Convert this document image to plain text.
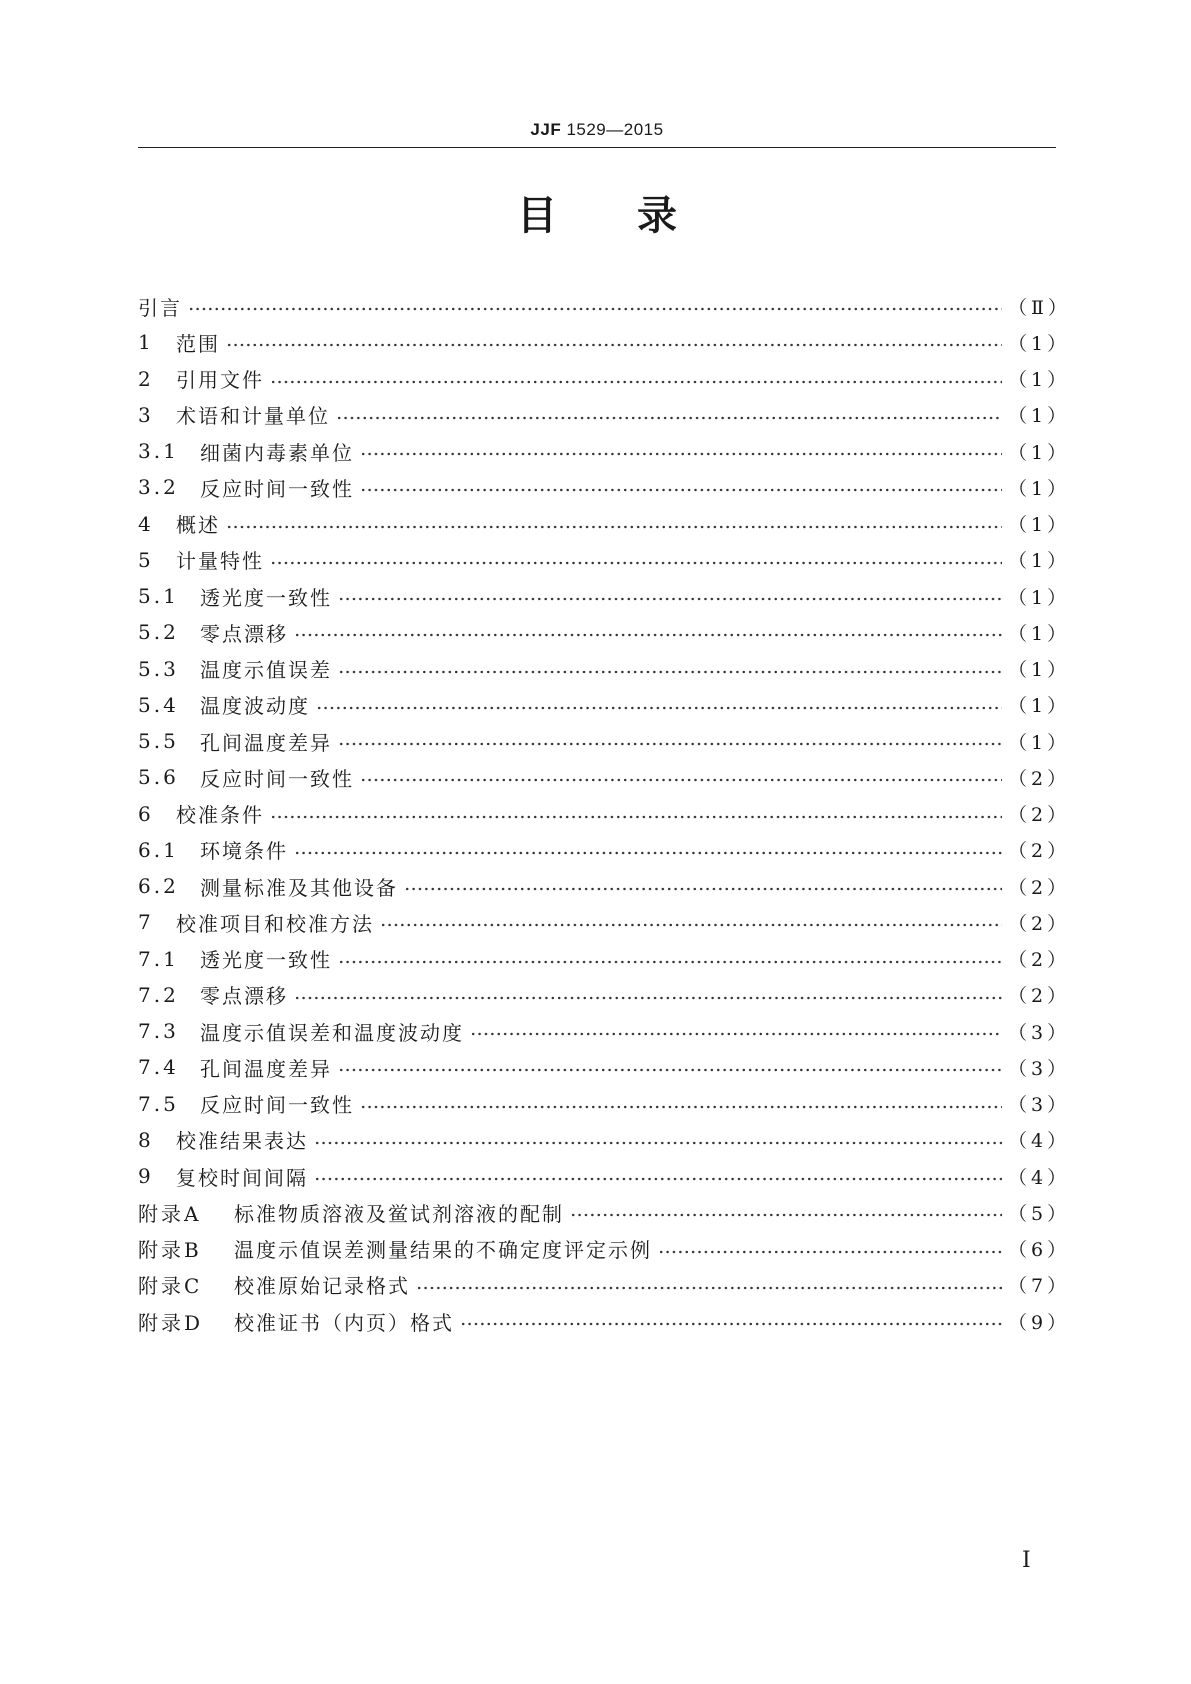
JJF 1529—2015
目 录
引言	（Ⅱ）
1	范围	（1）
2	引用文件	（1）
3	术语和计量单位	（1）
3.1	细菌内毒素单位	（1）
3.2	反应时间一致性	（1）
4	概述	（1）
5	计量特性	（1）
5.1	透光度一致性	（1）
5.2	零点漂移	（1）
5.3	温度示值误差	（1）
5.4	温度波动度	（1）
5.5	孔间温度差异	（1）
5.6	反应时间一致性	（2）
6	校准条件	（2）
6.1	环境条件	（2）
6.2	测量标准及其他设备	（2）
7	校准项目和校准方法	（2）
7.1	透光度一致性	（2）
7.2	零点漂移	（2）
7.3	温度示值误差和温度波动度	（3）
7.4	孔间温度差异	（3）
7.5	反应时间一致性	（3）
8	校准结果表达	（4）
9	复校时间间隔	（4）
附录A	标准物质溶液及鲎试剂溶液的配制	（5）
附录B	温度示值误差测量结果的不确定度评定示例	（6）
附录C	校准原始记录格式	（7）
附录D	校准证书（内页）格式	（9）
I
